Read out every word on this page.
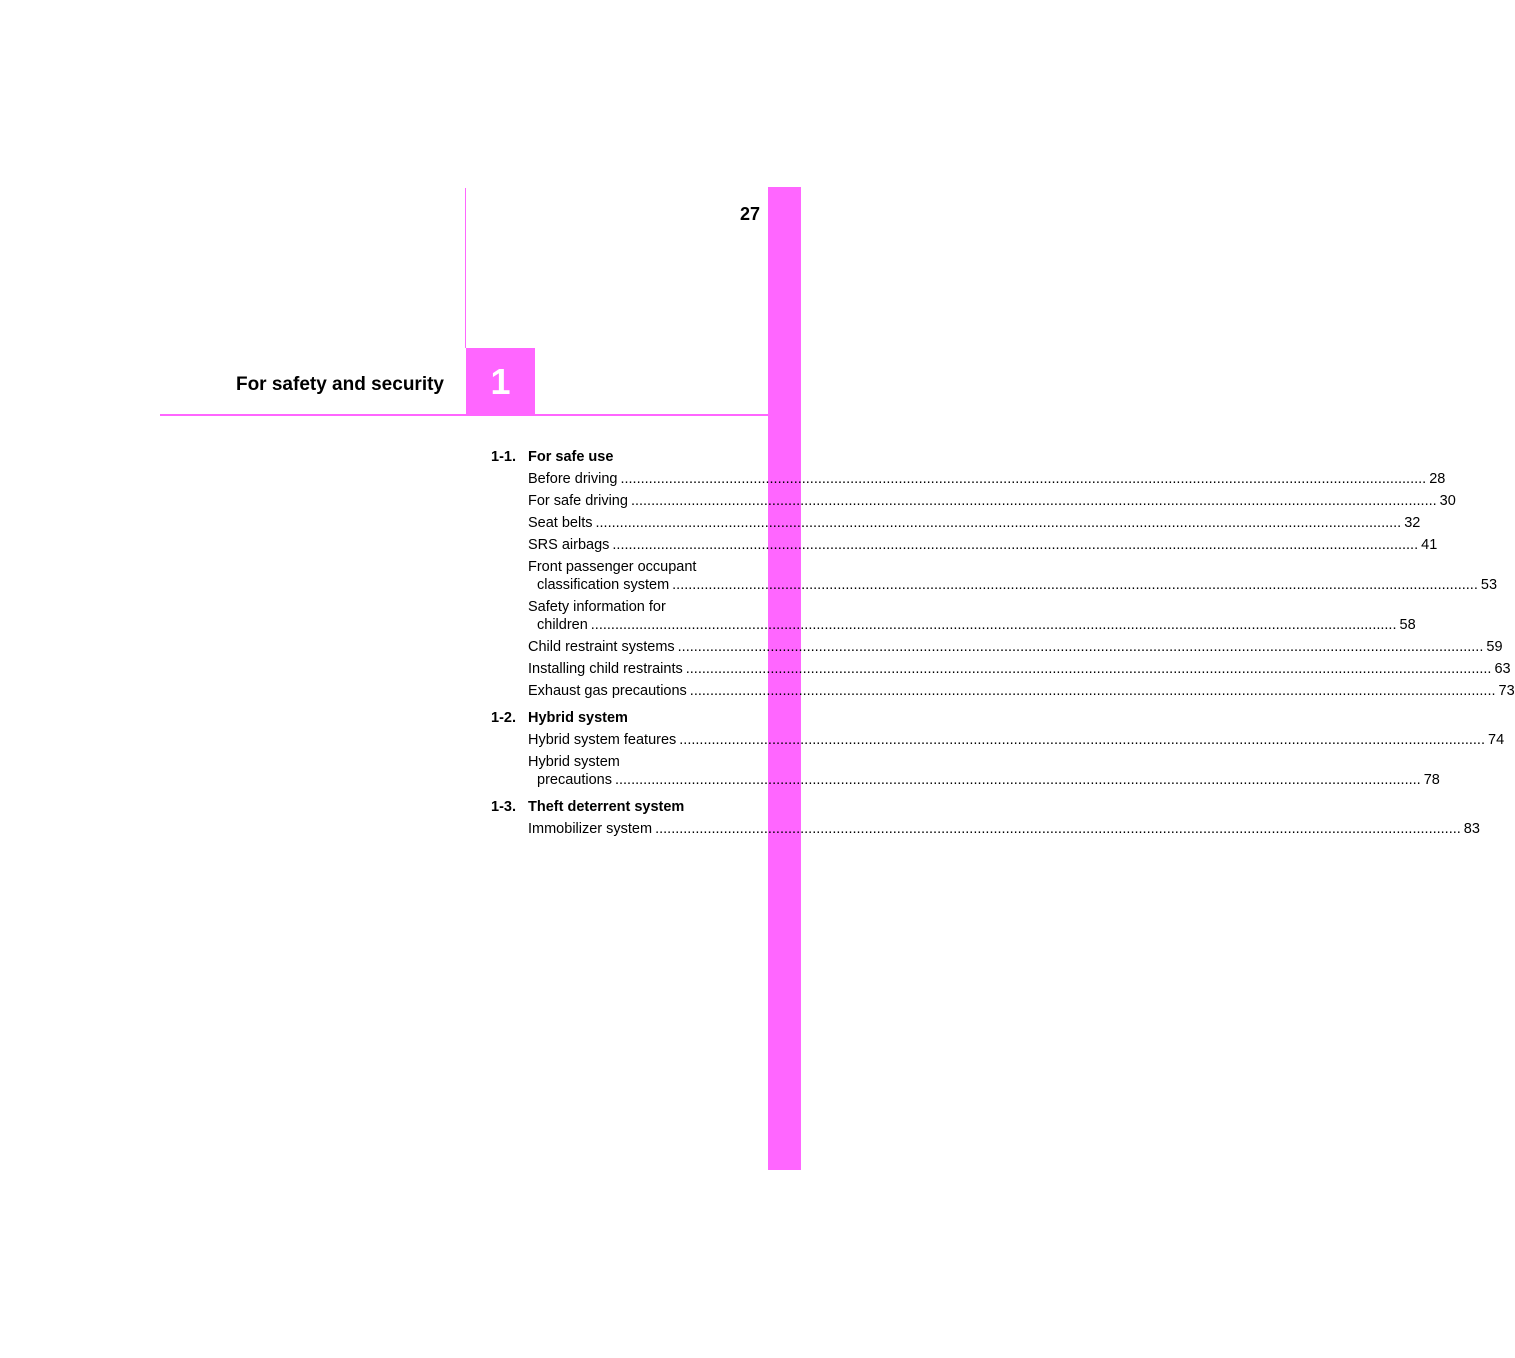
27
1
For safety and security
1-1. For safe use
Before driving ........................................................................................................................................................................................................ 28
For safe driving ........................................................................................................................................................................................................ 30
Seat belts ........................................................................................................................................................................................................ 32
SRS airbags ........................................................................................................................................................................................................ 41
Front passenger occupant
classification system ........................................................................................................................................................................................................ 53
Safety information for
children ........................................................................................................................................................................................................ 58
Child restraint systems ........................................................................................................................................................................................................ 59
Installing child restraints ........................................................................................................................................................................................................ 63
Exhaust gas precautions ........................................................................................................................................................................................................ 73
1-2. Hybrid system
Hybrid system features ........................................................................................................................................................................................................ 74
Hybrid system
precautions ........................................................................................................................................................................................................ 78
1-3. Theft deterrent system
Immobilizer system ........................................................................................................................................................................................................ 83
